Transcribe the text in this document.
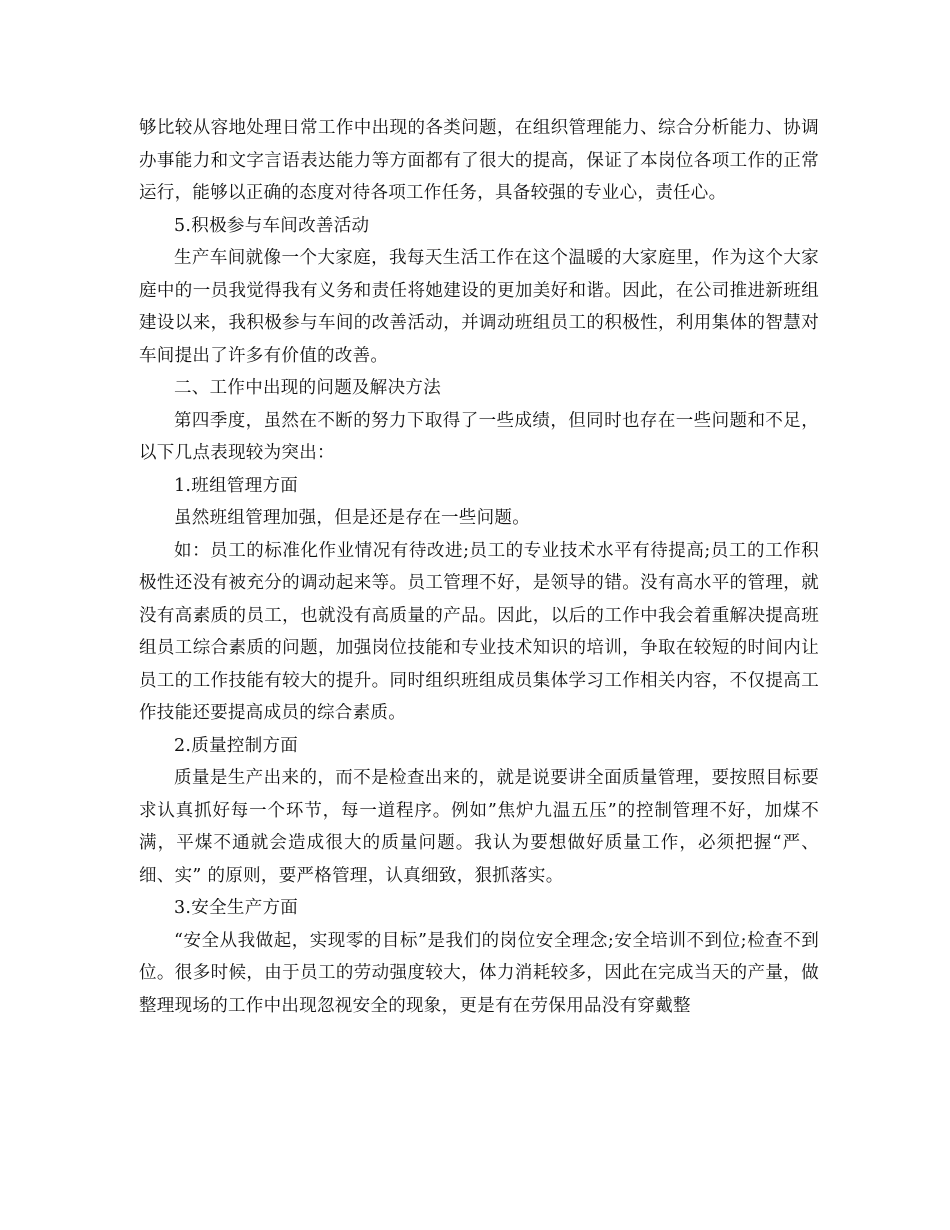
够比较从容地处理日常工作中出现的各类问题，在组织管理能力、综合分析能力、协调办事能力和文字言语表达能力等方面都有了很大的提高，保证了本岗位各项工作的正常运行，能够以正确的态度对待各项工作任务，具备较强的专业心，责任心。

5.积极参与车间改善活动

生产车间就像一个大家庭，我每天生活工作在这个温暖的大家庭里，作为这个大家庭中的一员我觉得我有义务和责任将她建设的更加美好和谐。因此，在公司推进新班组建设以来，我积极参与车间的改善活动，并调动班组员工的积极性，利用集体的智慧对车间提出了许多有价值的改善。

二、工作中出现的问题及解决方法

第四季度，虽然在不断的努力下取得了一些成绩，但同时也存在一些问题和不足，以下几点表现较为突出：

1.班组管理方面

虽然班组管理加强，但是还是存在一些问题。

如：员工的标准化作业情况有待改进;员工的专业技术水平有待提高;员工的工作积极性还没有被充分的调动起来等。员工管理不好，是领导的错。没有高水平的管理，就没有高素质的员工，也就没有高质量的产品。因此，以后的工作中我会着重解决提高班组员工综合素质的问题，加强岗位技能和专业技术知识的培训，争取在较短的时间内让员工的工作技能有较大的提升。同时组织班组成员集体学习工作相关内容，不仅提高工作技能还要提高成员的综合素质。

2.质量控制方面

质量是生产出来的，而不是检查出来的，就是说要讲全面质量管理，要按照目标要求认真抓好每一个环节，每一道程序。例如”焦炉九温五压”的控制管理不好，加煤不满，平煤不通就会造成很大的质量问题。我认为要想做好质量工作，必须把握“严、细、实” 的原则，要严格管理，认真细致，狠抓落实。

3.安全生产方面

“安全从我做起，实现零的目标”是我们的岗位安全理念;安全培训不到位;检查不到位。很多时候，由于员工的劳动强度较大，体力消耗较多，因此在完成当天的产量，做整理现场的工作中出现忽视安全的现象，更是有在劳保用品没有穿戴整
